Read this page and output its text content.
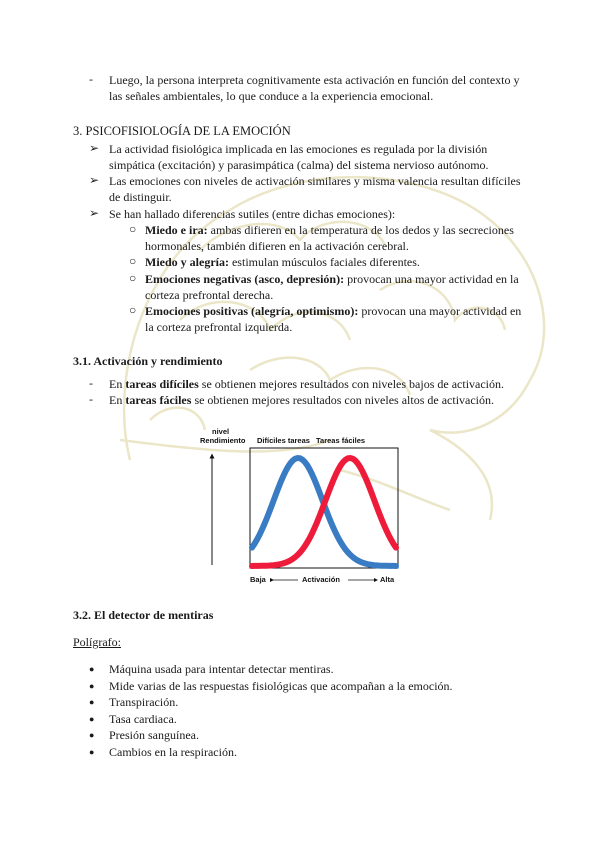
- Luego, la persona interpreta cognitivamente esta activación en función del contexto y
las señales ambientales, lo que conduce a la experiencia emocional.
3. PSICOFISIOLOGÍA DE LA EMOCIÓN
➢ La actividad fisiológica implicada en las emociones es regulada por la división
simpática (excitación) y parasimpática (calma) del sistema nervioso autónomo.
➢ Las emociones con niveles de activación similares y misma valencia resultan difíciles
de distinguir.
➢ Se han hallado diferencias sutiles (entre dichas emociones):
○ Miedo e ira: ambas difieren en la temperatura de los dedos y las secreciones
hormonales, también difieren en la activación cerebral.
○ Miedo y alegría: estimulan músculos faciales diferentes.
○ Emociones negativas (asco, depresión): provocan una mayor actividad en la
corteza prefrontal derecha.
○ Emociones positivas (alegría, optimismo): provocan una mayor actividad en
la corteza prefrontal izquierda.
3.1. Activación y rendimiento
- En tareas difíciles se obtienen mejores resultados con niveles bajos de activación.
- En tareas fáciles se obtienen mejores resultados con niveles altos de activación.
nivel
Rendimiento Difíciles tareas Tareas fáciles
Baja	Activación	Alta
3.2. El detector de mentiras
Polígrafo:
● Máquina usada para intentar detectar mentiras.
● Mide varias de las respuestas fisiológicas que acompañan a la emoción.
● Transpiración.
● Tasa cardiaca.
● Presión sanguínea.
● Cambios en la respiración.
